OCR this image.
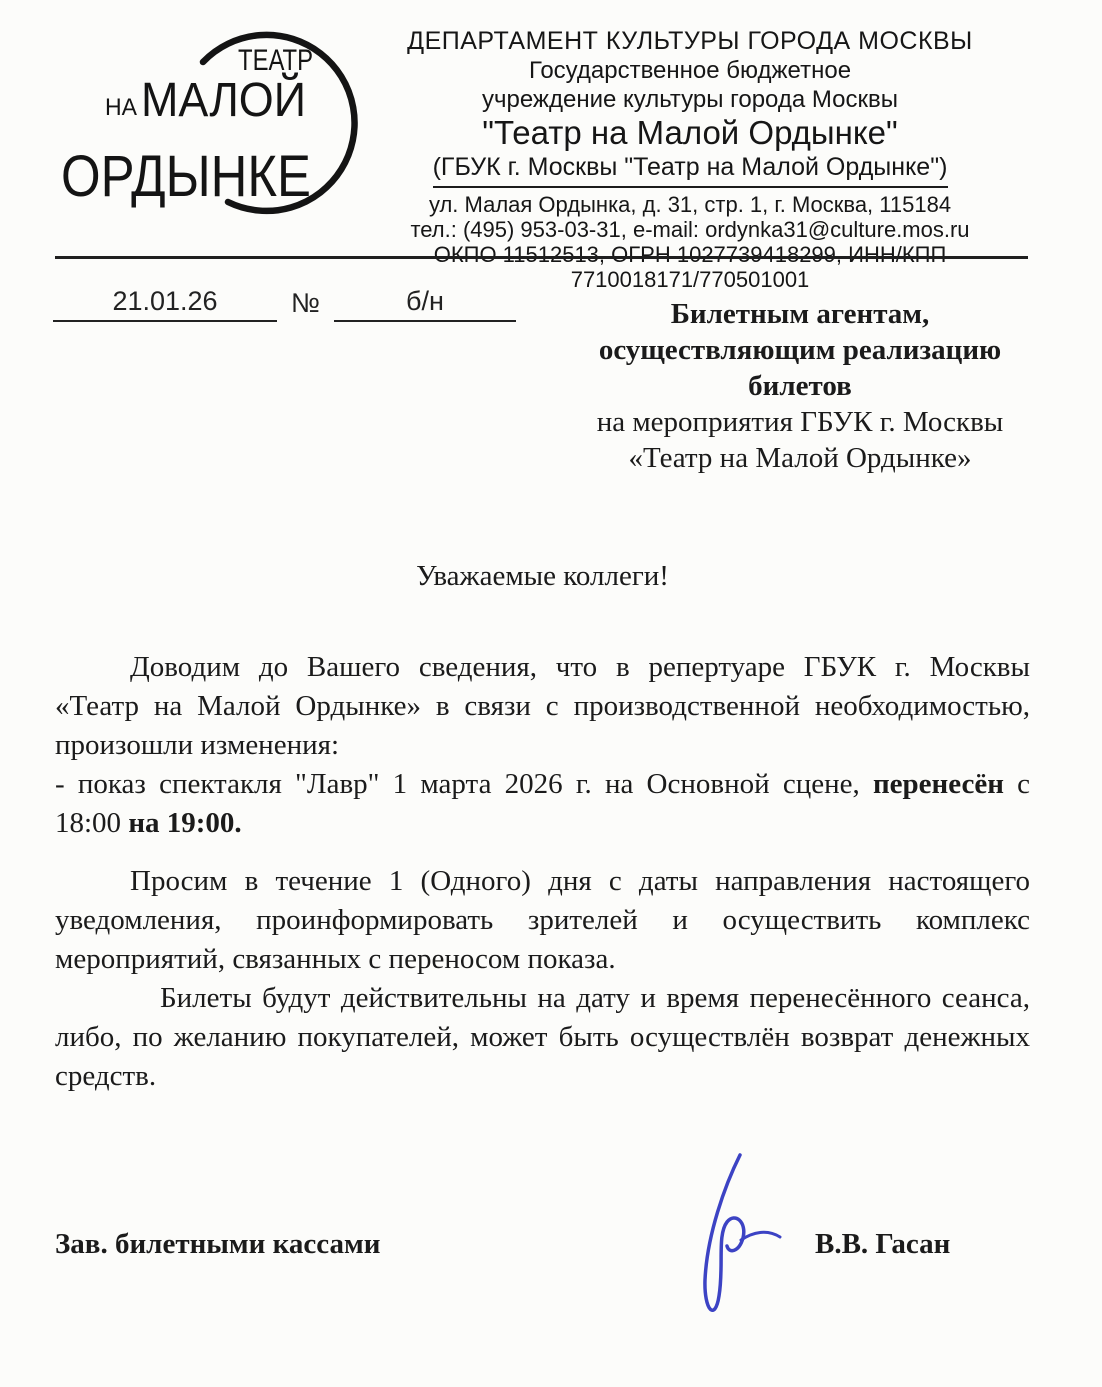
ТЕАТР
НА МАЛОЙ
ОРДЫНКЕ
ДЕПАРТАМЕНТ КУЛЬТУРЫ ГОРОДА МОСКВЫ
Государственное бюджетное
учреждение культуры города Москвы
"Театр на Малой Ордынке"
(ГБУК г. Москвы "Театр на Малой Ордынке")
ул. Малая Ордынка, д. 31, стр. 1, г. Москва, 115184
тел.: (495) 953-03-31, e-mail: ordynka31@culture.mos.ru
ОКПО 11512513, ОГРН 1027739418299, ИНН/КПП 7710018171/770501001
21.01.26	№	б/н	Билетным агентам,
осуществляющим реализацию
билетов
на мероприятия ГБУК г. Москвы
«Театр на Малой Ордынке»
Уважаемые коллеги!
Доводим до Вашего сведения, что в репертуаре ГБУК г. Москвы
«Театр на Малой Ордынке» в связи с производственной необходимостью,
произошли изменения:
- показ спектакля "Лавр" 1 марта 2026 г. на Основной сцене, перенесён с
18:00 на 19:00.
Просим в течение 1 (Одного) дня с даты направления настоящего
уведомления, проинформировать зрителей и осуществить комплекс
мероприятий, связанных с переносом показа.
Билеты будут действительны на дату и время перенесённого сеанса,
либо, по желанию покупателей, может быть осуществлён возврат денежных
средств.
Зав. билетными кассами	В.В. Гасан
